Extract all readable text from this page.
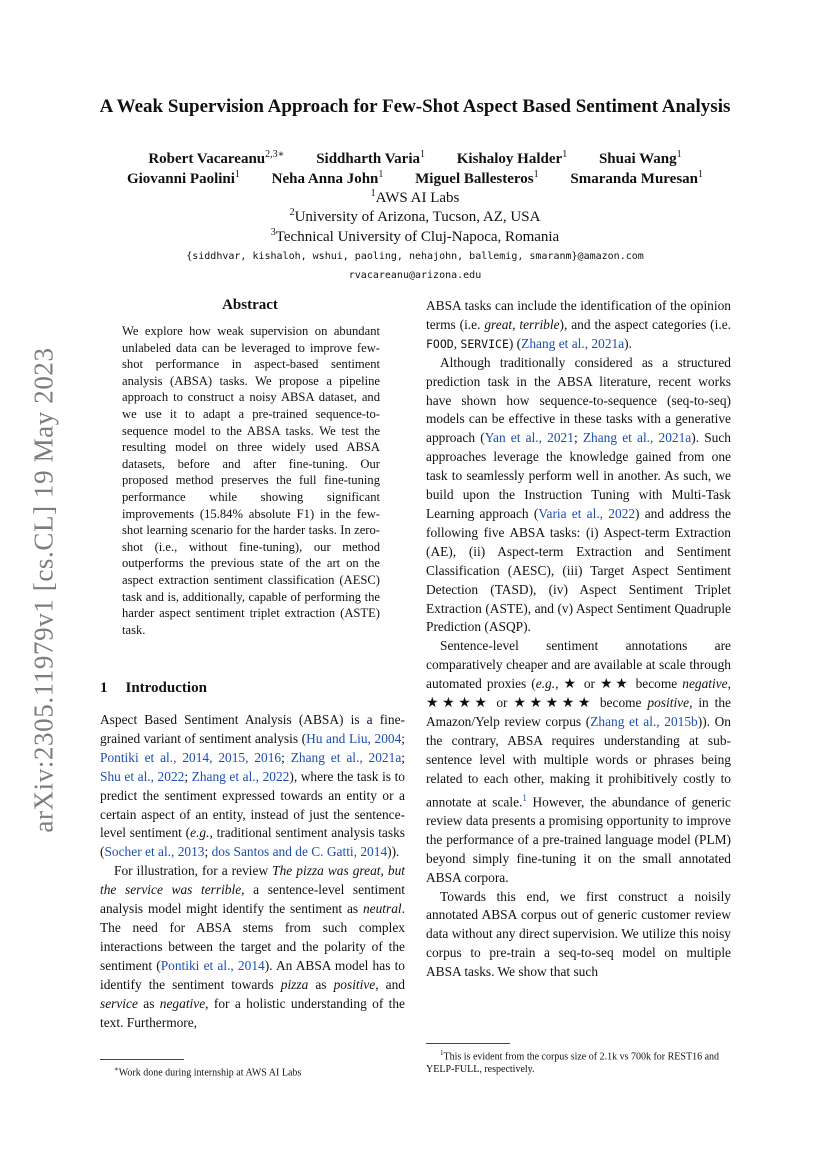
arXiv:2305.11979v1 [cs.CL] 19 May 2023
A Weak Supervision Approach for Few-Shot Aspect Based Sentiment Analysis
Robert Vacareanu$^{2,3∗}$ Siddharth Varia$^1$ Kishaloy Halder$^1$ Shuai Wang$^1$
Giovanni Paolini$^1$ Neha Anna John$^1$ Miguel Ballesteros$^1$ Smaranda Muresan$^1$
$^1$AWS AI Labs
$^2$University of Arizona, Tucson, AZ, USA
$^3$Technical University of Cluj-Napoca, Romania
{siddhvar, kishaloh, wshui, paoling, nehajohn, ballemig, smaranm}@amazon.com
rvacareanu@arizona.edu
Abstract
We explore how weak supervision on abundant unlabeled data can be leveraged to improve few-shot performance in aspect-based sentiment analysis (ABSA) tasks. We propose a pipeline approach to construct a noisy ABSA dataset, and we use it to adapt a pre-trained sequence-to-sequence model to the ABSA tasks. We test the resulting model on three widely used ABSA datasets, before and after fine-tuning. Our proposed method preserves the full fine-tuning performance while showing significant improvements (15.84% absolute F1) in the few-shot learning scenario for the harder tasks. In zero-shot (i.e., without fine-tuning), our method outperforms the previous state of the art on the aspect extraction sentiment classification (AESC) task and is, additionally, capable of performing the harder aspect sentiment triplet extraction (ASTE) task.
1 Introduction

Aspect Based Sentiment Analysis (ABSA) is a fine-grained variant of sentiment analysis (Hu and Liu, 2004; Pontiki et al., 2014, 2015, 2016; Zhang et al., 2021a; Shu et al., 2022; Zhang et al., 2022), where the task is to predict the sentiment expressed towards an entity or a certain aspect of an entity, instead of just the sentence-level sentiment (e.g., traditional sentiment analysis tasks (Socher et al., 2013; dos Santos and de C. Gatti, 2014)).

For illustration, for a review The pizza was great, but the service was terrible, a sentence-level sentiment analysis model might identify the sentiment as neutral. The need for ABSA stems from such complex interactions between the target and the polarity of the sentiment (Pontiki et al., 2014). An ABSA model has to identify the sentiment towards pizza as positive, and service as negative, for a holistic understanding of the text. Furthermore,

∗Work done during internship at AWS AI Labs

ABSA tasks can include the identification of the opinion terms (i.e. great, terrible), and the aspect categories (i.e. FOOD, SERVICE) (Zhang et al., 2021a).

Although traditionally considered as a structured prediction task in the ABSA literature, recent works have shown how sequence-to-sequence (seq-to-seq) models can be effective in these tasks with a generative approach (Yan et al., 2021; Zhang et al., 2021a). Such approaches leverage the knowledge gained from one task to seamlessly perform well in another. As such, we build upon the Instruction Tuning with Multi-Task Learning approach (Varia et al., 2022) and address the following five ABSA tasks: (i) Aspect-term Extraction (AE), (ii) Aspect-term Extraction and Sentiment Classification (AESC), (iii) Target Aspect Sentiment Detection (TASD), (iv) Aspect Sentiment Triplet Extraction (ASTE), and (v) Aspect Sentiment Quadruple Prediction (ASQP).

Sentence-level sentiment annotations are comparatively cheaper and are available at scale through automated proxies (e.g., ★ or ★★ become negative, ★★★★ or ★★★★★ become positive, in the Amazon/Yelp review corpus (Zhang et al., 2015b)). On the contrary, ABSA requires understanding at sub-sentence level with multiple words or phrases being related to each other, making it prohibitively costly to annotate at scale.$^1$ However, the abundance of generic review data presents a promising opportunity to improve the performance of a pre-trained language model (PLM) beyond simply fine-tuning it on the small annotated ABSA corpora.

Towards this end, we first construct a noisily annotated ABSA corpus out of generic customer review data without any direct supervision. We utilize this noisy corpus to pre-train a seq-to-seq model on multiple ABSA tasks. We show that such

$^1$This is evident from the corpus size of 2.1k vs 700k for REST16 and YELP-FULL, respectively.
